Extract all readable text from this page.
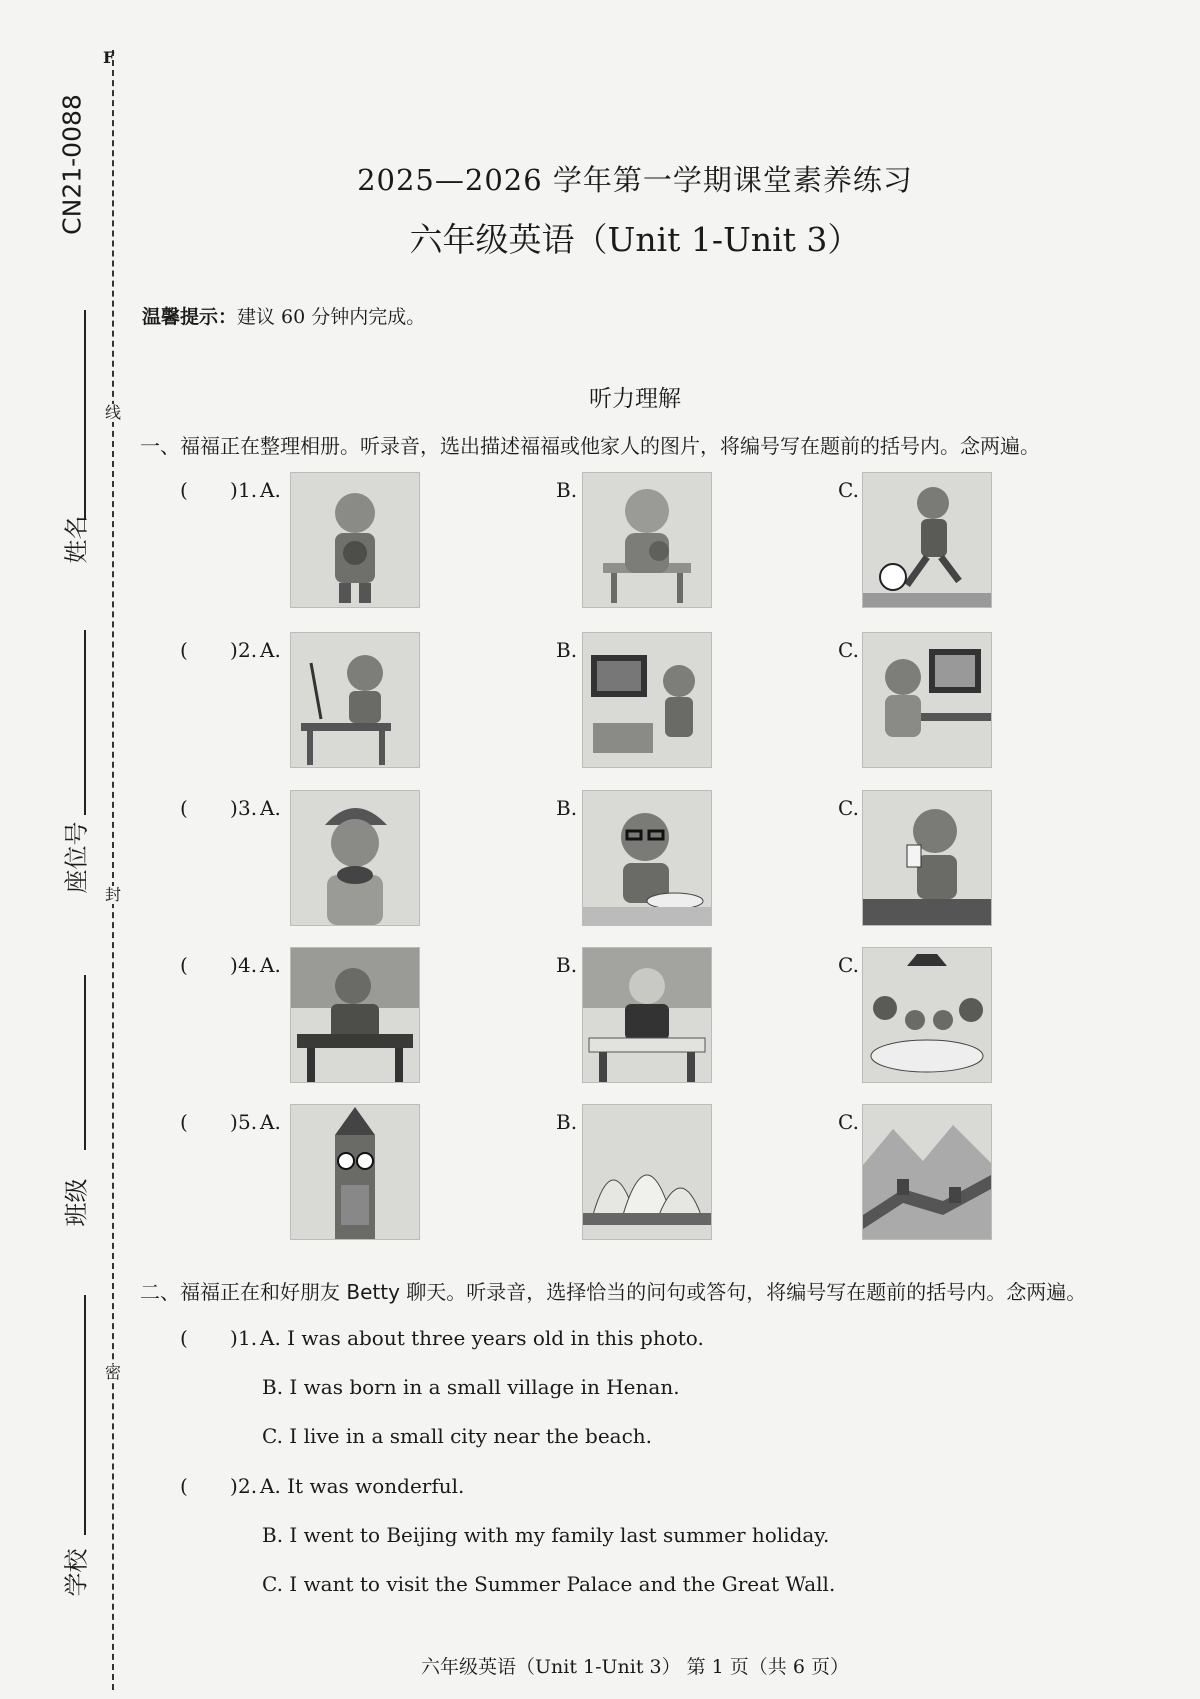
F
CN21-0088
姓名
座位号
班级
学校
线
封
密
2025—2026 学年第一学期课堂素养练习
六年级英语（Unit 1-Unit 3）
温馨提示：建议 60 分钟内完成。
听力理解
一、福福正在整理相册。听录音，选出描述福福或他家人的图片，将编号写在题前的括号内。念两遍。
( ) 1. A.	B.	C.
( ) 2. A.	B.	C.
( ) 3. A.	B.	C.
( ) 4. A.	B.	C.
( ) 5. A.	B.	C.
二、福福正在和好朋友 Betty 聊天。听录音，选择恰当的问句或答句，将编号写在题前的括号内。念两遍。
( ) 1. A. I was about three years old in this photo.
B. I was born in a small village in Henan.
C. I live in a small city near the beach.
( ) 2. A. It was wonderful.
B. I went to Beijing with my family last summer holiday.
C. I want to visit the Summer Palace and the Great Wall.
六年级英语（Unit 1-Unit 3） 第 1 页（共 6 页）
